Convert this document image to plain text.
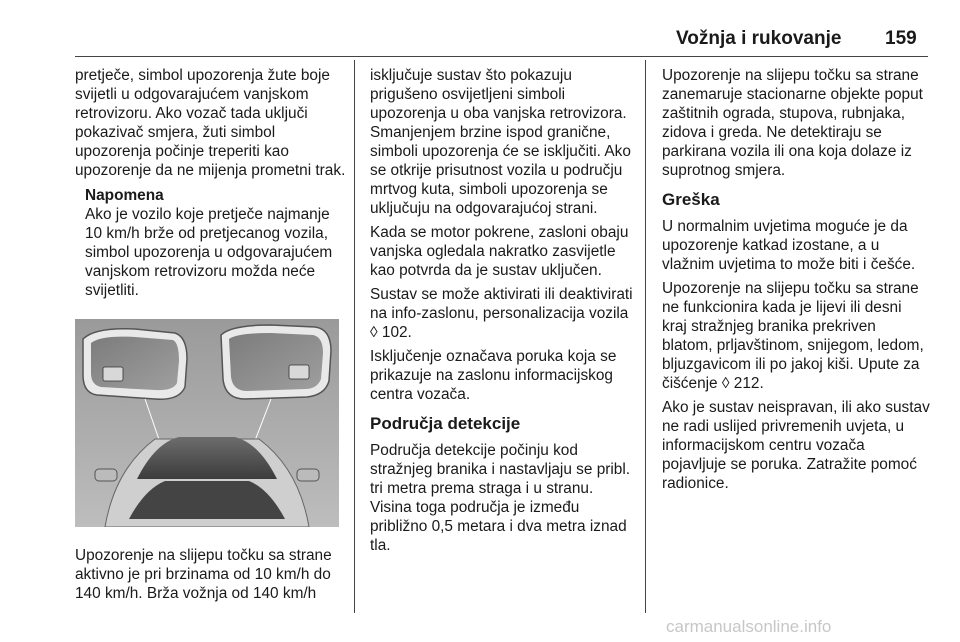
Vožnja i rukovanje 159

pretječe, simbol upozorenja žute boje svijetli u odgovarajućem vanjskom retrovizoru. Ako vozač tada uključi pokazivač smjera, žuti simbol upozorenja počinje treperiti kao upozorenje da ne mijenja prometni trak.

Napomena
Ako je vozilo koje pretječe najmanje 10 km/h brže od pretjecanog vozila, simbol upozorenja u odgovarajućem vanjskom retrovizoru možda neće svijetliti.

Upozorenje na slijepu točku sa strane aktivno je pri brzinama od 10 km/h do 140 km/h. Brža vožnja od 140 km/h

isključuje sustav što pokazuju prigušeno osvijetljeni simboli upozorenja u oba vanjska retrovizora. Smanjenjem brzine ispod granične, simboli upozorenja će se isključiti. Ako se otkrije prisutnost vozila u području mrtvog kuta, simboli upozorenja se uključuju na odgovarajućoj strani.

Kada se motor pokrene, zasloni obaju vanjska ogledala nakratko zasvijetle kao potvrda da je sustav uključen.

Sustav se može aktivirati ili deaktivirati na info-zaslonu, personalizacija vozila ◊ 102.

Isključenje označava poruka koja se prikazuje na zaslonu informacijskog centra vozača.

Područja detekcije

Područja detekcije počinju kod stražnjeg branika i nastavljaju se pribl. tri metra prema straga i u stranu. Visina toga područja je između približno 0,5 metara i dva metra iznad tla.

Upozorenje na slijepu točku sa strane zanemaruje stacionarne objekte poput zaštitnih ograda, stupova, rubnjaka, zidova i greda. Ne detektiraju se parkirana vozila ili ona koja dolaze iz suprotnog smjera.

Greška

U normalnim uvjetima moguće je da upozorenje katkad izostane, a u vlažnim uvjetima to može biti i češće.

Upozorenje na slijepu točku sa strane ne funkcionira kada je lijevi ili desni kraj stražnjeg branika prekriven blatom, prljavštinom, snijegom, ledom, bljuzgavicom ili po jakoj kiši. Upute za čišćenje ◊ 212.

Ako je sustav neispravan, ili ako sustav ne radi uslijed privremenih uvjeta, u informacijskom centru vozača pojavljuje se poruka. Zatražite pomoć radionice.

carmanualsonline.info
